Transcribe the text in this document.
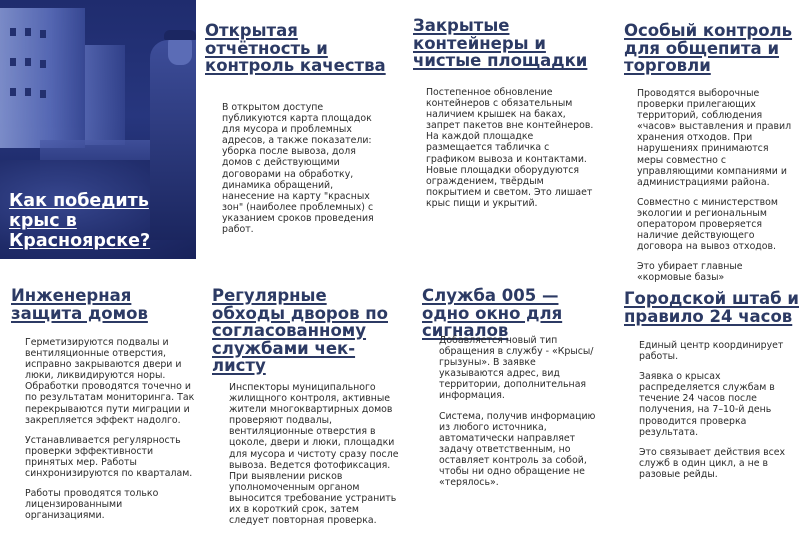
Как победить крыс в Красноярске?
Открытая отчётность и контроль качества

В открытом доступе публикуются карта площадок для мусора и проблемных адресов, а также показатели: уборка после вывоза, доля домов с действующими договорами на обработку, динамика обращений, нанесение на карту "красных зон" (наиболее проблемных) с указанием сроков проведения работ.

Закрытые контейнеры и чистые площадки

Постепенное обновление контейнеров с обязательным наличием крышек на баках, запрет пакетов вне контейнеров. На каждой площадке размещается табличка с графиком вывоза и контактами. Новые площадки оборудуются ограждением, твёрдым покрытием и светом. Это лишает крыс пищи и укрытий.

Особый контроль для общепита и торговли

Проводятся выборочные проверки прилегающих территорий, соблюдения «часов» выставления и правил хранения отходов. При нарушениях принимаются меры совместно с управляющими компаниями и администрациями района.

Совместно с министерством экологии и региональным оператором проверяется наличие действующего договора на вывоз отходов.

Это убирает главные «кормовые базы»

Инженерная защита домов

Герметизируются подвалы и вентиляционные отверстия, исправно закрываются двери и люки, ликвидируются норы. Обработки проводятся точечно и по результатам мониторинга. Так перекрываются пути миграции и закрепляется эффект надолго.

Устанавливается регулярность проверки эффективности принятых мер. Работы синхронизируются по кварталам.

Работы проводятся только лицензированными организациями.

Регулярные обходы дворов по согласованному службами чек-листу

Инспекторы муниципального жилищного контроля, активные жители многоквартирных домов проверяют подвалы, вентиляционные отверстия в цоколе, двери и люки, площадки для мусора и чистоту сразу после вывоза. Ведется фотофиксация. При выявлении рисков уполномоченным органом выносится требование устранить их в короткий срок, затем следует повторная проверка.

Служба 005 — одно окно для сигналов

Добавляется новый тип обращения в службу - «Крысы/грызуны». В заявке указываются адрес, вид территории, дополнительная информация.

Система, получив информацию из любого источника, автоматически направляет задачу ответственным, но оставляет контроль за собой, чтобы ни одно обращение не «терялось».

Городской штаб и правило 24 часов

Единый центр координирует работы.

Заявка о крысах распределяется службам в течение 24 часов после получения, на 7–10-й день проводится проверка результата.

Это связывает действия всех служб в один цикл, а не в разовые рейды.
